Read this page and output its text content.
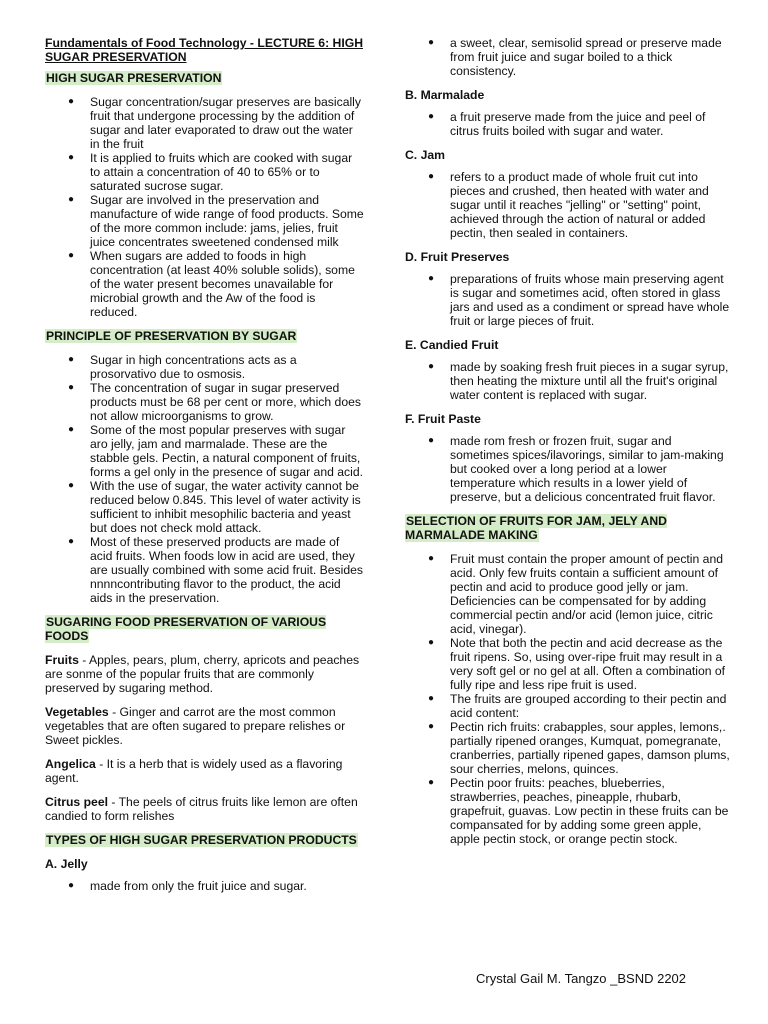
Fundamentals of Food Technology - LECTURE 6: HIGH SUGAR PRESERVATION
HIGH SUGAR PRESERVATION
● Sugar concentration/sugar preserves are basically fruit that undergone processing by the addition of sugar and later evaporated to draw out the water in the fruit
● It is applied to fruits which are cooked with sugar to attain a concentration of 40 to 65% or to saturated sucrose sugar.
● Sugar are involved in the preservation and manufacture of wide range of food products. Some of the more common include: jams, jelies, fruit juice concentrates sweetened condensed milk
● When sugars are added to foods in high concentration (at least 40% soluble solids), some of the water present becomes unavailable for microbial growth and the Aw of the food is reduced.
PRINCIPLE OF PRESERVATION BY SUGAR
● Sugar in high concentrations acts as a prosorvativo due to osmosis.
● The concentration of sugar in sugar preserved products must be 68 per cent or more, which does not allow microorganisms to grow.
● Some of the most popular preserves with sugar aro jelly, jam and marmalade. These are the stabble gels. Pectin, a natural component of fruits, forms a gel only in the presence of sugar and acid.
● With the use of sugar, the water activity cannot be reduced below 0.845. This level of water activity is sufficient to inhibit mesophilic bacteria and yeast but does not check mold attack.
● Most of these preserved products are made of acid fruits. When foods low in acid are used, they are usually combined with some acid fruit. Besides nnnncontributing flavor to the product, the acid aids in the preservation.
SUGARING FOOD PRESERVATION OF VARIOUS FOODS

Fruits - Apples, pears, plum, cherry, apricots and peaches are sonme of the popular fruits that are commonly preserved by sugaring method.

Vegetables - Ginger and carrot are the most common vegetables that are often sugared to prepare relishes or Sweet pickles.

Angelica - It is a herb that is widely used as a flavoring agent.

Citrus peel - The peels of citrus fruits like lemon are often candied to form relishes

TYPES OF HIGH SUGAR PRESERVATION PRODUCTS
A. Jelly
● made from only the fruit juice and sugar.
● a sweet, clear, semisolid spread or preserve made from fruit juice and sugar boiled to a thick consistency.
B. Marmalade
● a fruit preserve made from the juice and peel of citrus fruits boiled with sugar and water.
C. Jam
● refers to a product made of whole fruit cut into pieces and crushed, then heated with water and sugar until it reaches "jelling" or "setting" point, achieved through the action of natural or added pectin, then sealed in containers.
D. Fruit Preserves
● preparations of fruits whose main preserving agent is sugar and sometimes acid, often stored in glass jars and used as a condiment or spread have whole fruit or large pieces of fruit.
E. Candied Fruit
● made by soaking fresh fruit pieces in a sugar syrup, then heating the mixture until all the fruit's original water content is replaced with sugar.
F. Fruit Paste
● made rom fresh or frozen fruit, sugar and sometimes spices/ilavorings, similar to jam-making but cooked over a long period at a lower temperature which results in a lower yield of preserve, but a delicious concentrated fruit flavor.
SELECTION OF FRUITS FOR JAM, JELY AND MARMALADE MAKING
● Fruit must contain the proper amount of pectin and acid. Only few fruits contain a sufficient amount of pectin and acid to produce good jelly or jam. Deficiencies can be compensated for by adding commercial pectin and/or acid (lemon juice, citric acid, vinegar).
● Note that both the pectin and acid decrease as the fruit ripens. So, using over-ripe fruit may result in a very soft gel or no gel at all. Often a combination of fully ripe and less ripe fruit is used.
● The fruits are grouped according to their pectin and acid content:
● Pectin rich fruits: crabapples, sour apples, lemons,. partially ripened oranges, Kumquat, pomegranate, cranberries, partially ripened gapes, damson plums, sour cherries, melons, quinces.
● Pectin poor fruits: peaches, blueberries, strawberries, peaches, pineapple, rhubarb, grapefruit, guavas. Low pectin in these fruits can be compansated for by adding some green apple, apple pectin stock, or orange pectin stock.
Crystal Gail M. Tangzo _BSND 2202
